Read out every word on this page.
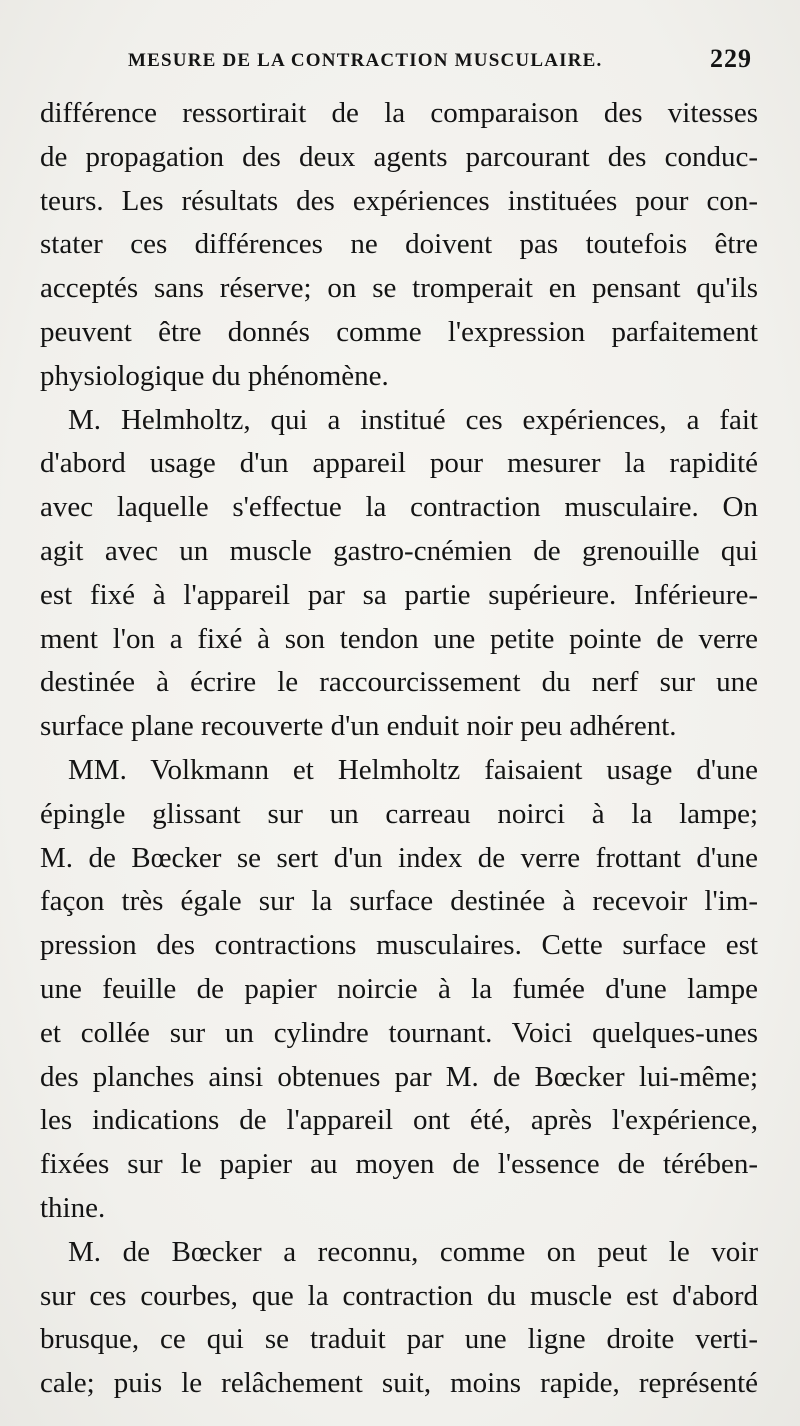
MESURE DE LA CONTRACTION MUSCULAIRE.	229
différence ressortirait de la comparaison des vitesses
de propagation des deux agents parcourant des conduc-
teurs. Les résultats des expériences instituées pour con-
stater ces différences ne doivent pas toutefois être
acceptés sans réserve; on se tromperait en pensant qu'ils
peuvent être donnés comme l'expression parfaitement
physiologique du phénomène.
M. Helmholtz, qui a institué ces expériences, a fait
d'abord usage d'un appareil pour mesurer la rapidité
avec laquelle s'effectue la contraction musculaire. On
agit avec un muscle gastro-cnémien de grenouille qui
est fixé à l'appareil par sa partie supérieure. Inférieure-
ment l'on a fixé à son tendon une petite pointe de verre
destinée à écrire le raccourcissement du nerf sur une
surface plane recouverte d'un enduit noir peu adhérent.
MM. Volkmann et Helmholtz faisaient usage d'une
épingle glissant sur un carreau noirci à la lampe;
M. de Bœcker se sert d'un index de verre frottant d'une
façon très égale sur la surface destinée à recevoir l'im-
pression des contractions musculaires. Cette surface est
une feuille de papier noircie à la fumée d'une lampe
et collée sur un cylindre tournant. Voici quelques-unes
des planches ainsi obtenues par M. de Bœcker lui-même;
les indications de l'appareil ont été, après l'expérience,
fixées sur le papier au moyen de l'essence de térében-
thine.
M. de Bœcker a reconnu, comme on peut le voir
sur ces courbes, que la contraction du muscle est d'abord
brusque, ce qui se traduit par une ligne droite verti-
cale; puis le relâchement suit, moins rapide, représenté
